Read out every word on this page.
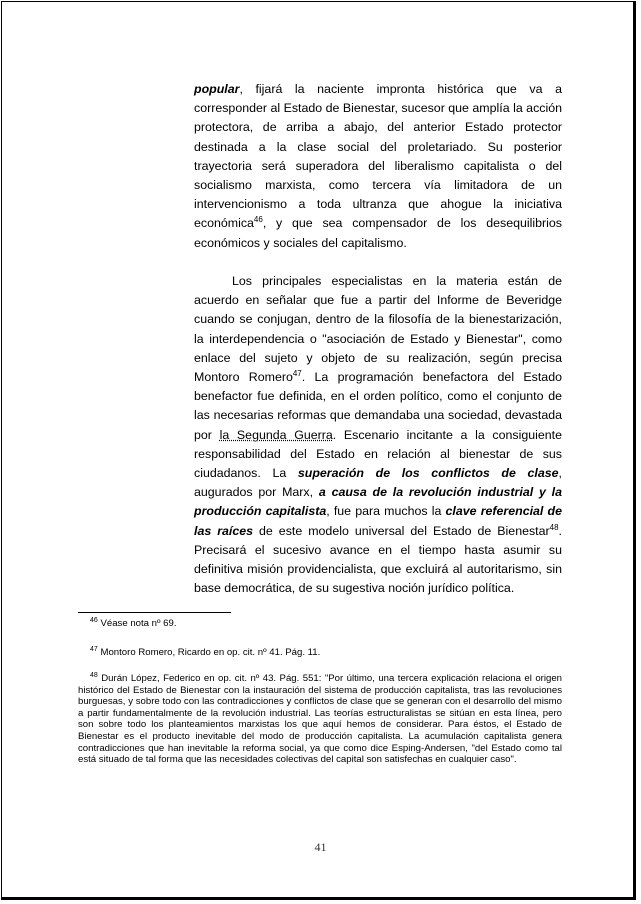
popular, fijará la naciente impronta histórica que va a corresponder al Estado de Bienestar, sucesor que amplía la acción protectora, de arriba a abajo, del anterior Estado protector destinada a la clase social del proletariado. Su posterior trayectoria será superadora del liberalismo capitalista o del socialismo marxista, como tercera vía limitadora de un intervencionismo a toda ultranza que ahogue la iniciativa económica$^{46}$, y que sea compensador de los desequilibrios económicos y sociales del capitalismo.
Los principales especialistas en la materia están de acuerdo en señalar que fue a partir del Informe de Beveridge cuando se conjugan, dentro de la filosofía de la bienestarización, la interdependencia o "asociación de Estado y Bienestar", como enlace del sujeto y objeto de su realización, según precisa Montoro Romero$^{47}$. La programación benefactora del Estado benefactor fue definida, en el orden político, como el conjunto de las necesarias reformas que demandaba una sociedad, devastada por la Segunda Guerra. Escenario incitante a la consiguiente responsabilidad del Estado en relación al bienestar de sus ciudadanos. La superación de los conflictos de clase, augurados por Marx, a causa de la revolución industrial y la producción capitalista, fue para muchos la clave referencial de las raíces de este modelo universal del Estado de Bienestar$^{48}$. Precisará el sucesivo avance en el tiempo hasta asumir su definitiva misión providencialista, que excluirá al autoritarismo, sin base democrática, de su sugestiva noción jurídico política.
$^{46}$ Véase nota nº 69.
$^{47}$ Montoro Romero, Ricardo en op. cit. nº 41. Pág. 11.
$^{48}$ Durán López, Federico en op. cit. nº 43. Pág. 551: "Por último, una tercera explicación relaciona el origen histórico del Estado de Bienestar con la instauración del sistema de producción capitalista, tras las revoluciones burguesas, y sobre todo con las contradicciones y conflictos de clase que se generan con el desarrollo del mismo a partir fundamentalmente de la revolución industrial. Las teorías estructuralistas se sitúan en esta línea, pero son sobre todo los planteamientos marxistas los que aquí hemos de considerar. Para éstos, el Estado de Bienestar es el producto inevitable del modo de producción capitalista. La acumulación capitalista genera contradicciones que han inevitable la reforma social, ya que como dice Esping-Andersen, "del Estado como tal está situado de tal forma que las necesidades colectivas del capital son satisfechas en cualquier caso".
41
